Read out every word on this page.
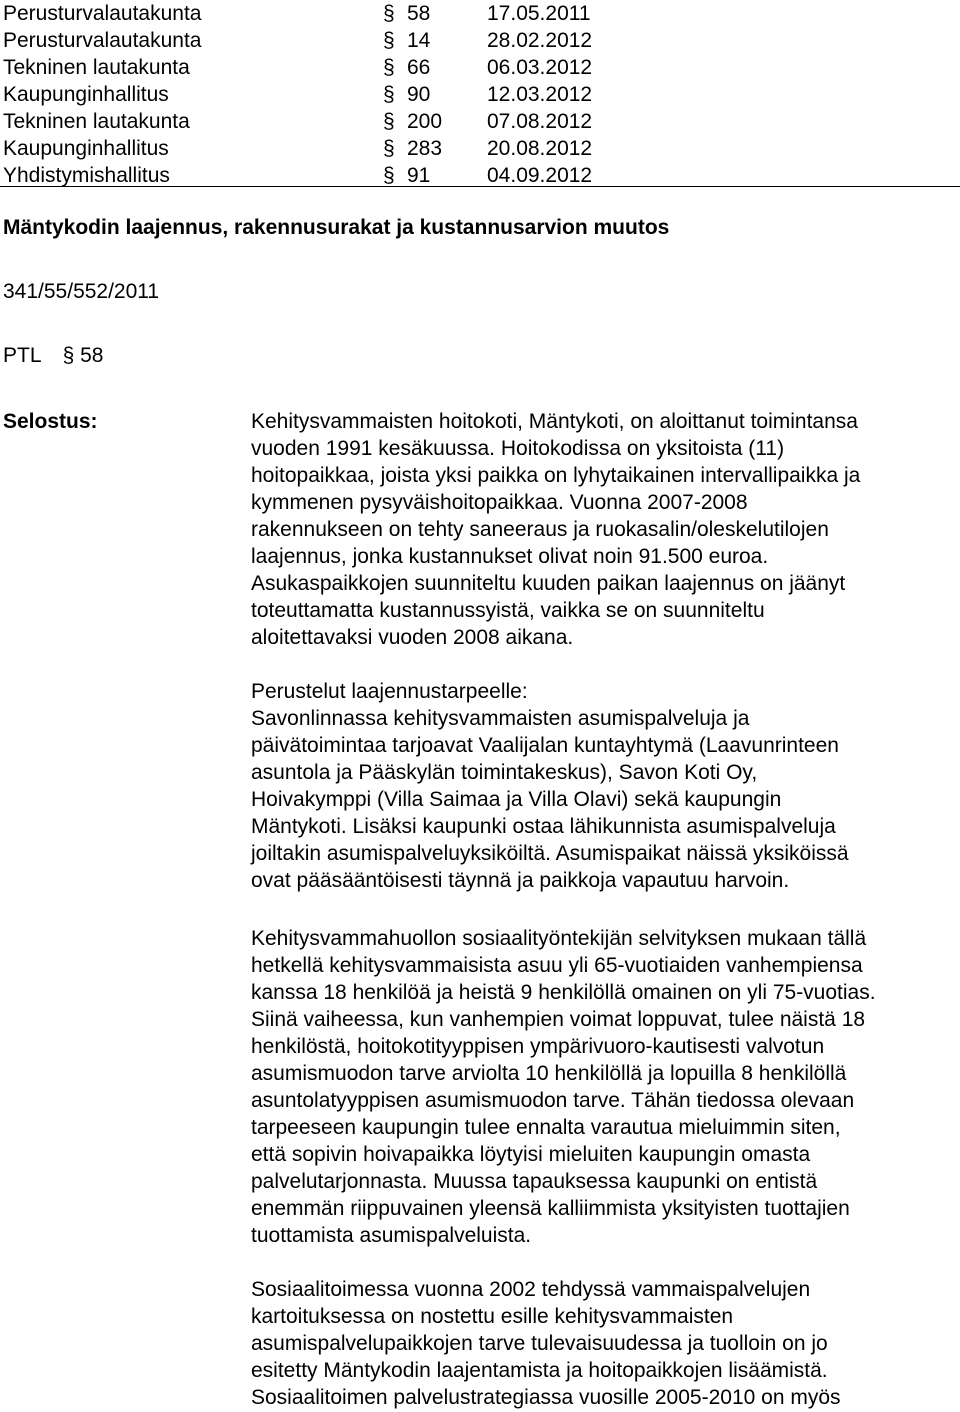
Perusturvalautakunta	§ 58	17.05.2011
Perusturvalautakunta	§ 14	28.02.2012
Tekninen lautakunta	§ 66	06.03.2012
Kaupunginhallitus	§ 90	12.03.2012
Tekninen lautakunta	§ 200 07.08.2012
Kaupunginhallitus	§ 283 20.08.2012
Yhdistymishallitus	§ 91	04.09.2012
Mäntykodin laajennus, rakennusurakat ja kustannusarvion muutos
341/55/552/2011
PTL § 58
Selostus:	Kehitysvammaisten hoitokoti, Mäntykoti, on aloittanut toimintansa

vuoden 1991 kesäkuussa. Hoitokodissa on yksitoista (11)

hoitopaikkaa, joista yksi paikka on lyhytaikainen intervallipaikka ja

kymmenen pysyväishoitopaikkaa. Vuonna 2007-2008

rakennukseen on tehty saneeraus ja ruokasalin/oleskelutilojen

laajennus, jonka kustannukset olivat noin 91.500 euroa.

Asukaspaikkojen suunniteltu kuuden paikan laajennus on jäänyt

toteuttamatta kustannussyistä, vaikka se on suunniteltu

aloitettavaksi vuoden 2008 aikana.

Perustelut laajennustarpeelle:

Savonlinnassa kehitysvammaisten asumispalveluja ja

päivätoimintaa tarjoavat Vaalijalan kuntayhtymä (Laavunrinteen

asuntola ja Pääskylän toimintakeskus), Savon Koti Oy,

Hoivakymppi (Villa Saimaa ja Villa Olavi) sekä kaupungin

Mäntykoti. Lisäksi kaupunki ostaa lähikunnista asumispalveluja

joiltakin asumispalveluyksiköiltä. Asumispaikat näissä yksiköissä

ovat pääsääntöisesti täynnä ja paikkoja vapautuu harvoin.

Kehitysvammahuollon sosiaalityöntekijän selvityksen mukaan tällä

hetkellä kehitysvammaisista asuu yli 65-vuotiaiden vanhempiensa

kanssa 18 henkilöä ja heistä 9 henkilöllä omainen on yli 75-vuotias.

Siinä vaiheessa, kun vanhempien voimat loppuvat, tulee näistä 18

henkilöstä, hoitokotityyppisen ympärivuoro-kautisesti valvotun

asumismuodon tarve arviolta 10 henkilöllä ja lopuilla 8 henkilöllä

asuntolatyyppisen asumismuodon tarve. Tähän tiedossa olevaan

tarpeeseen kaupungin tulee ennalta varautua mieluimmin siten,

että sopivin hoivapaikka löytyisi mieluiten kaupungin omasta

palvelutarjonnasta. Muussa tapauksessa kaupunki on entistä

enemmän riippuvainen yleensä kalliimmista yksityisten tuottajien

tuottamista asumispalveluista.

Sosiaalitoimessa vuonna 2002 tehdyssä vammaispalvelujen

kartoituksessa on nostettu esille kehitysvammaisten

asumispalvelupaikkojen tarve tulevaisuudessa ja tuolloin on jo

esitetty Mäntykodin laajentamista ja hoitopaikkojen lisäämistä.

Sosiaalitoimen palvelustrategiassa vuosille 2005-2010 on myös
